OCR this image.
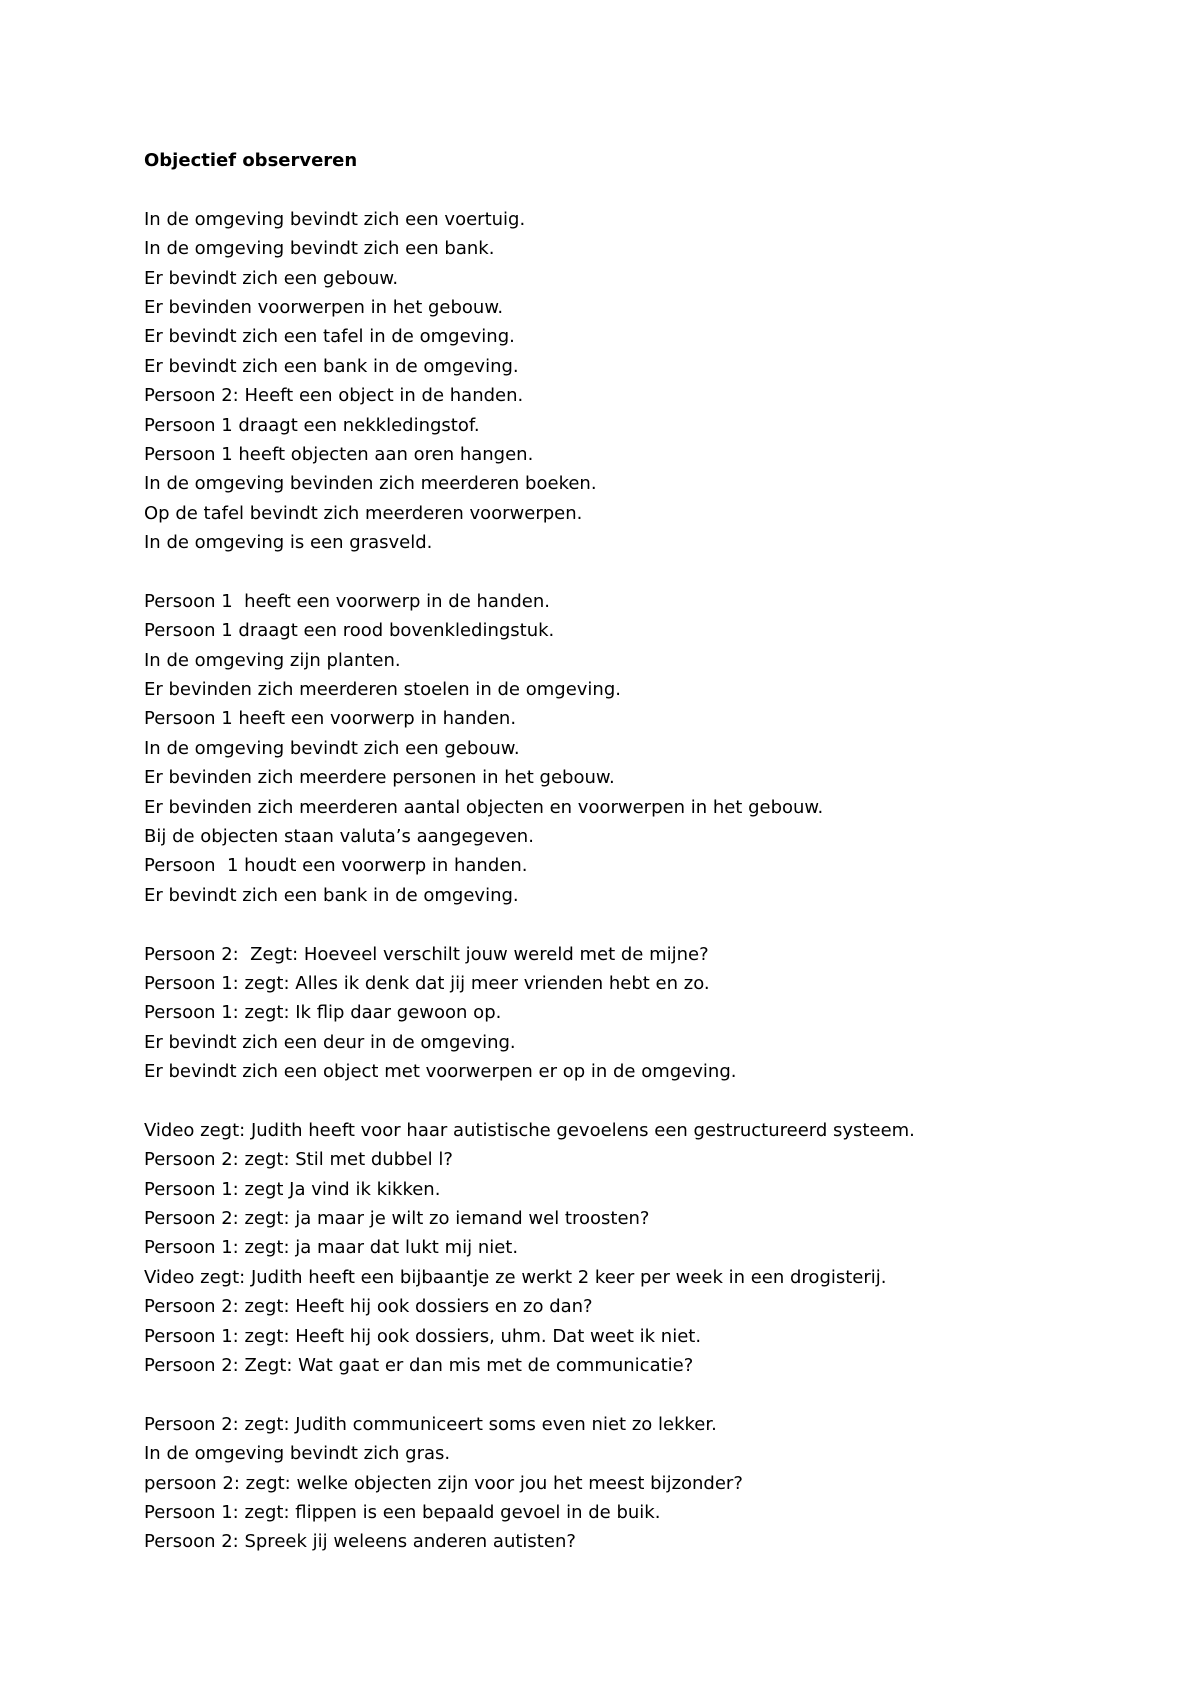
Objectief observeren

In de omgeving bevindt zich een voertuig.

In de omgeving bevindt zich een bank.

Er bevindt zich een gebouw.

Er bevinden voorwerpen in het gebouw.

Er bevindt zich een tafel in de omgeving.

Er bevindt zich een bank in de omgeving.

Persoon 2: Heeft een object in de handen.

Persoon 1 draagt een nekkledingstof.

Persoon 1 heeft objecten aan oren hangen.

In de omgeving bevinden zich meerderen boeken.

Op de tafel bevindt zich meerderen voorwerpen.

In de omgeving is een grasveld.

Persoon 1  heeft een voorwerp in de handen.

Persoon 1 draagt een rood bovenkledingstuk.

In de omgeving zijn planten.

Er bevinden zich meerderen stoelen in de omgeving.

Persoon 1 heeft een voorwerp in handen.

In de omgeving bevindt zich een gebouw.

Er bevinden zich meerdere personen in het gebouw.

Er bevinden zich meerderen aantal objecten en voorwerpen in het gebouw.

Bij de objecten staan valuta’s aangegeven.

Persoon  1 houdt een voorwerp in handen.

Er bevindt zich een bank in de omgeving.

Persoon 2:  Zegt: Hoeveel verschilt jouw wereld met de mijne?

Persoon 1: zegt: Alles ik denk dat jij meer vrienden hebt en zo.

Persoon 1: zegt: Ik flip daar gewoon op.

Er bevindt zich een deur in de omgeving.

Er bevindt zich een object met voorwerpen er op in de omgeving.

Video zegt: Judith heeft voor haar autistische gevoelens een gestructureerd systeem.

Persoon 2: zegt: Stil met dubbel l?

Persoon 1: zegt Ja vind ik kikken.

Persoon 2: zegt: ja maar je wilt zo iemand wel troosten?

Persoon 1: zegt: ja maar dat lukt mij niet.

Video zegt: Judith heeft een bijbaantje ze werkt 2 keer per week in een drogisterij.

Persoon 2: zegt: Heeft hij ook dossiers en zo dan?

Persoon 1: zegt: Heeft hij ook dossiers, uhm. Dat weet ik niet.

Persoon 2: Zegt: Wat gaat er dan mis met de communicatie?

Persoon 2: zegt: Judith communiceert soms even niet zo lekker.

In de omgeving bevindt zich gras.

persoon 2: zegt: welke objecten zijn voor jou het meest bijzonder?

Persoon 1: zegt: flippen is een bepaald gevoel in de buik.

Persoon 2: Spreek jij weleens anderen autisten?
